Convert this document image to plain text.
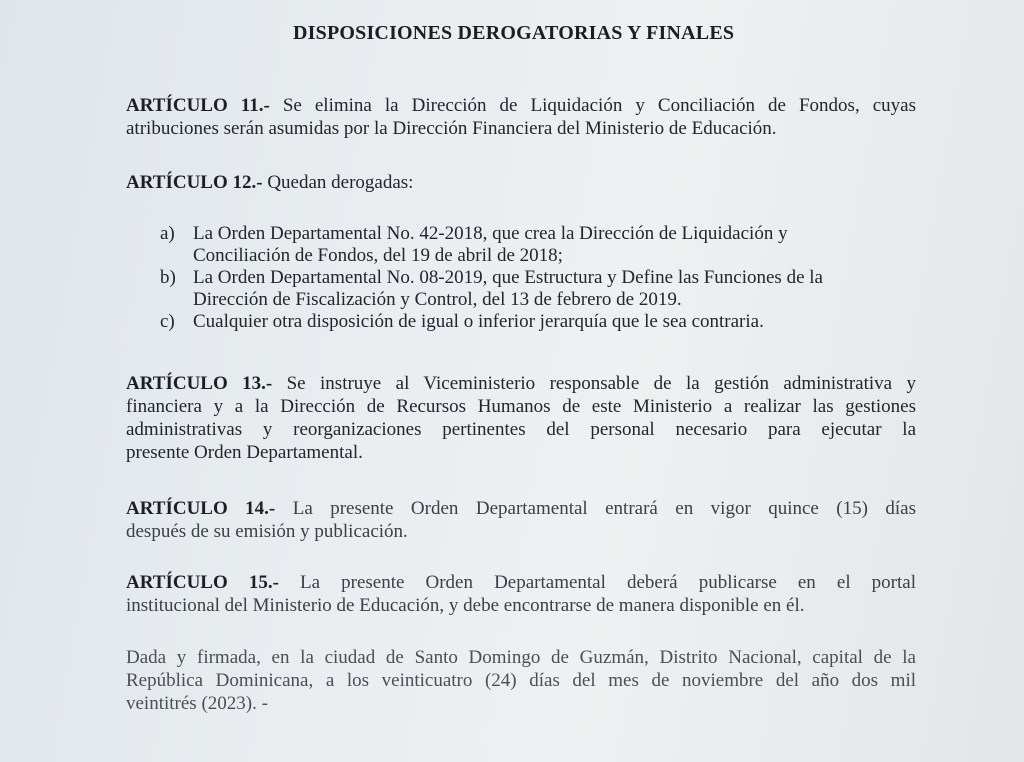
DISPOSICIONES DEROGATORIAS Y FINALES
ARTÍCULO 11.- Se elimina la Dirección de Liquidación y Conciliación de Fondos, cuyas
atribuciones serán asumidas por la Dirección Financiera del Ministerio de Educación.
ARTÍCULO 12.- Quedan derogadas:
a) La Orden Departamental No. 42-2018, que crea la Dirección de Liquidación y
Conciliación de Fondos, del 19 de abril de 2018;
b) La Orden Departamental No. 08-2019, que Estructura y Define las Funciones de la
Dirección de Fiscalización y Control, del 13 de febrero de 2019.
c) Cualquier otra disposición de igual o inferior jerarquía que le sea contraria.
ARTÍCULO 13.- Se instruye al Viceministerio responsable de la gestión administrativa y
financiera y a la Dirección de Recursos Humanos de este Ministerio a realizar las gestiones
administrativas y reorganizaciones pertinentes del personal necesario para ejecutar la
presente Orden Departamental.
ARTÍCULO 14.- La presente Orden Departamental entrará en vigor quince (15) días
después de su emisión y publicación.
ARTÍCULO 15.- La presente Orden Departamental deberá publicarse en el portal
institucional del Ministerio de Educación, y debe encontrarse de manera disponible en él.
Dada y firmada, en la ciudad de Santo Domingo de Guzmán, Distrito Nacional, capital de la
República Dominicana, a los veinticuatro (24) días del mes de noviembre del año dos mil
veintitrés (2023). -
